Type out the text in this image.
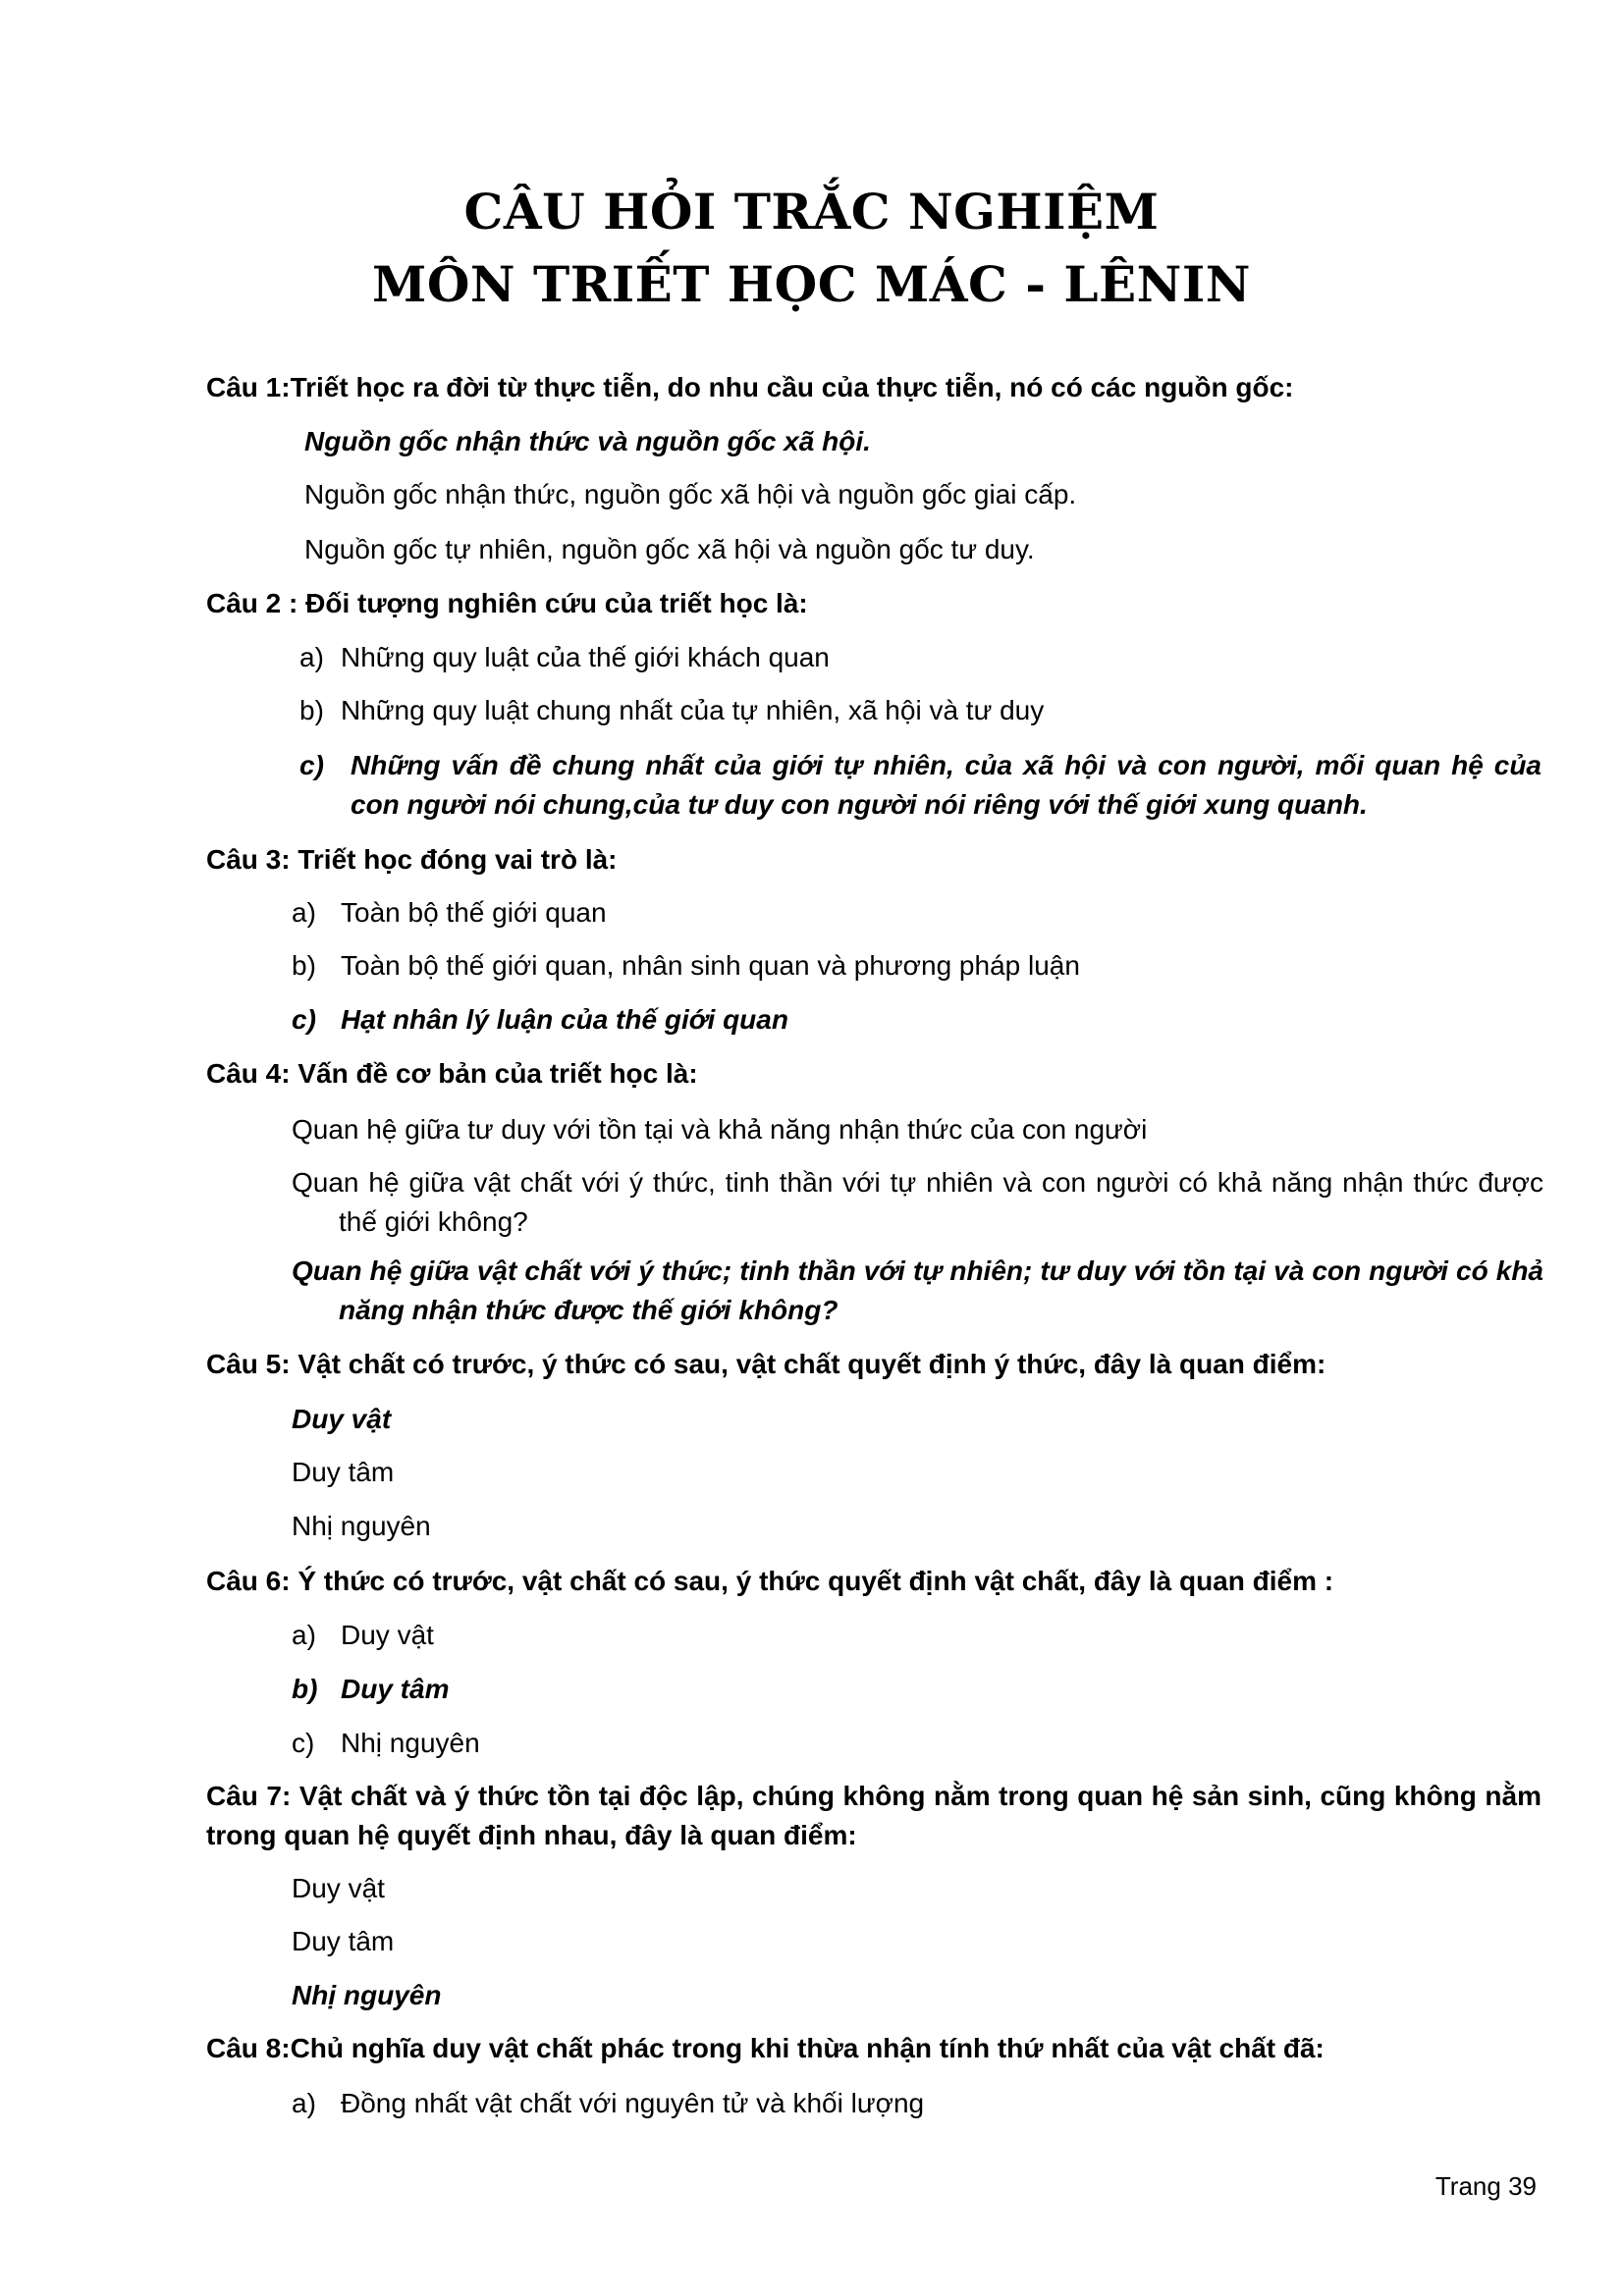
CÂU HỎI TRẮC NGHIỆM
MÔN TRIẾT HỌC MÁC - LÊNIN
Câu 1:Triết học ra đời từ thực tiễn, do nhu cầu của thực tiễn, nó có các nguồn gốc:
Nguồn gốc nhận thức và nguồn gốc xã hội.
Nguồn gốc nhận thức, nguồn gốc xã hội và nguồn gốc giai cấp.
Nguồn gốc tự nhiên, nguồn gốc xã hội và nguồn gốc tư duy.
Câu 2 : Đối tượng nghiên cứu của triết học là:
a) Những quy luật của thế giới khách quan
b) Những quy luật chung nhất của tự nhiên, xã hội và tư duy
c) Những vấn đề chung nhất của giới tự nhiên, của xã hội và con người, mối quan hệ của con người nói chung,của tư duy con người nói riêng với thế giới xung quanh.
Câu 3: Triết học đóng vai trò là:
a) Toàn bộ thế giới quan
b) Toàn bộ thế giới quan, nhân sinh quan và phương pháp luận
c) Hạt nhân lý luận của thế giới quan
Câu 4: Vấn đề cơ bản của triết học là:
Quan hệ giữa tư duy với tồn tại và khả năng nhận thức của con người
Quan hệ giữa vật chất với ý thức, tinh thần với tự nhiên và con người có khả năng nhận thức được thế giới không?
Quan hệ giữa vật chất với ý thức; tinh thần với tự nhiên; tư duy với tồn tại và con người có khả năng nhận thức được thế giới không?
Câu 5: Vật chất có trước, ý thức có sau, vật chất quyết định ý thức, đây là quan điểm:
Duy vật
Duy tâm
Nhị nguyên
Câu 6: Ý thức có trước, vật chất có sau, ý thức quyết định vật chất, đây là quan điểm :
a) Duy vật
b) Duy tâm
c) Nhị nguyên
Câu 7: Vật chất và ý thức tồn tại độc lập, chúng không nằm trong quan hệ sản sinh, cũng không nằm trong quan hệ quyết định nhau, đây là quan điểm:
Duy vật
Duy tâm
Nhị nguyên
Câu 8:Chủ nghĩa duy vật chất phác trong khi thừa nhận tính thứ nhất của vật chất đã:
a) Đồng nhất vật chất với nguyên tử và khối lượng
Trang 39
